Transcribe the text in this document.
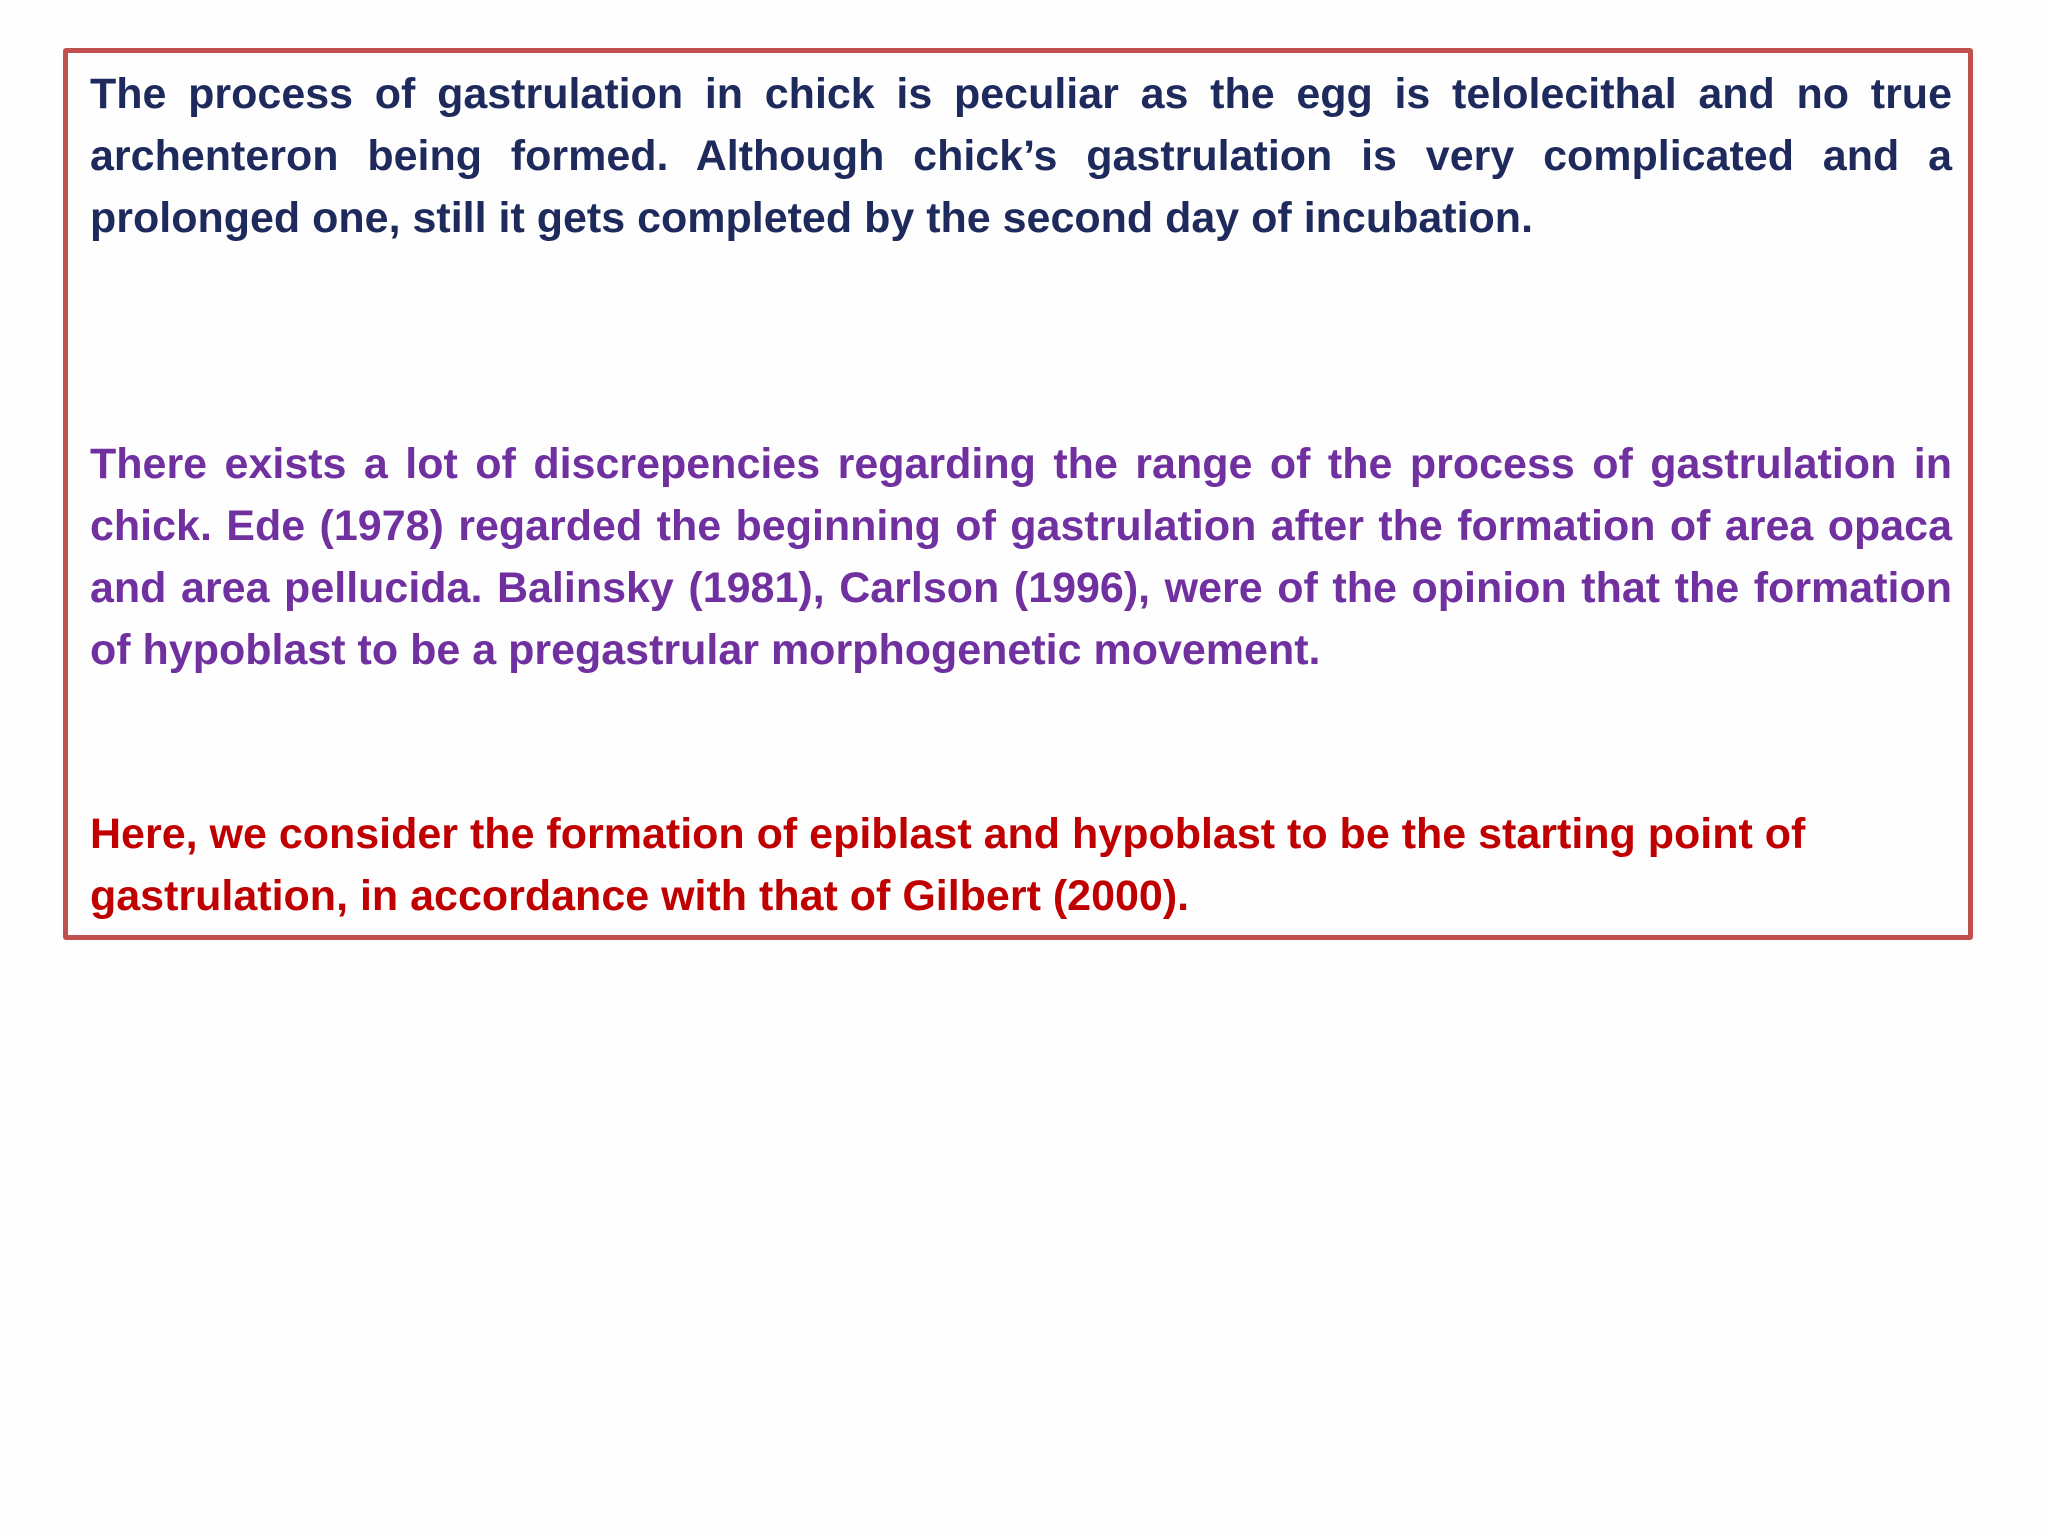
The process of gastrulation in chick is peculiar as the egg is telolecithal and no true archenteron being formed. Although chick’s gastrulation is very complicated and a prolonged one, still it gets completed by the second day of incubation.

There exists a lot of discrepencies regarding the range of the process of gastrulation in chick. Ede (1978) regarded the beginning of gastrulation after the formation of area opaca and area pellucida. Balinsky (1981), Carlson (1996), were of the opinion that the formation of hypoblast to be a pregastrular morphogenetic movement.

Here, we consider the formation of epiblast and hypoblast to be the starting point of gastrulation, in accordance with that of Gilbert (2000).
